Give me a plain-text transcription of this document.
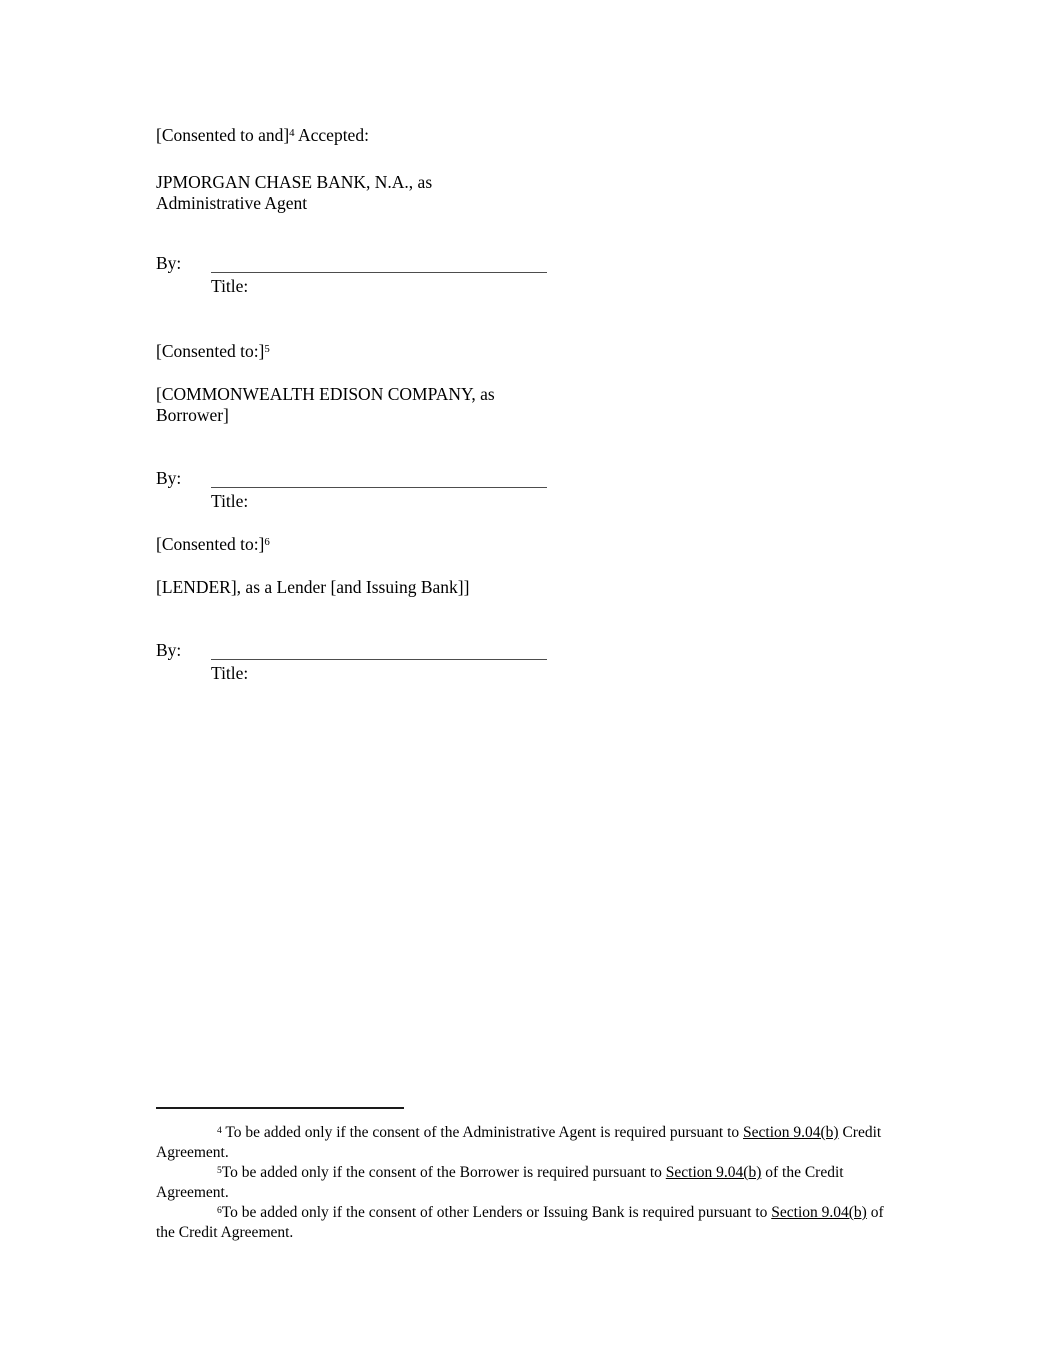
[Consented to and]$^4$ Accepted:

JPMORGAN CHASE BANK, N.A., as
Administrative Agent

By:
Title:

[Consented to:]$^5$

[COMMONWEALTH EDISON COMPANY, as
Borrower]

By:
Title:

[Consented to:]$^6$

[LENDER], as a Lender [and Issuing Bank]]

By:
Title:

$^4$ To be added only if the consent of the Administrative Agent is required pursuant to Section 9.04(b) Credit Agreement.

$^5$To be added only if the consent of the Borrower is required pursuant to Section 9.04(b) of the Credit Agreement.

$^6$To be added only if the consent of other Lenders or Issuing Bank is required pursuant to Section 9.04(b) of the Credit Agreement.
